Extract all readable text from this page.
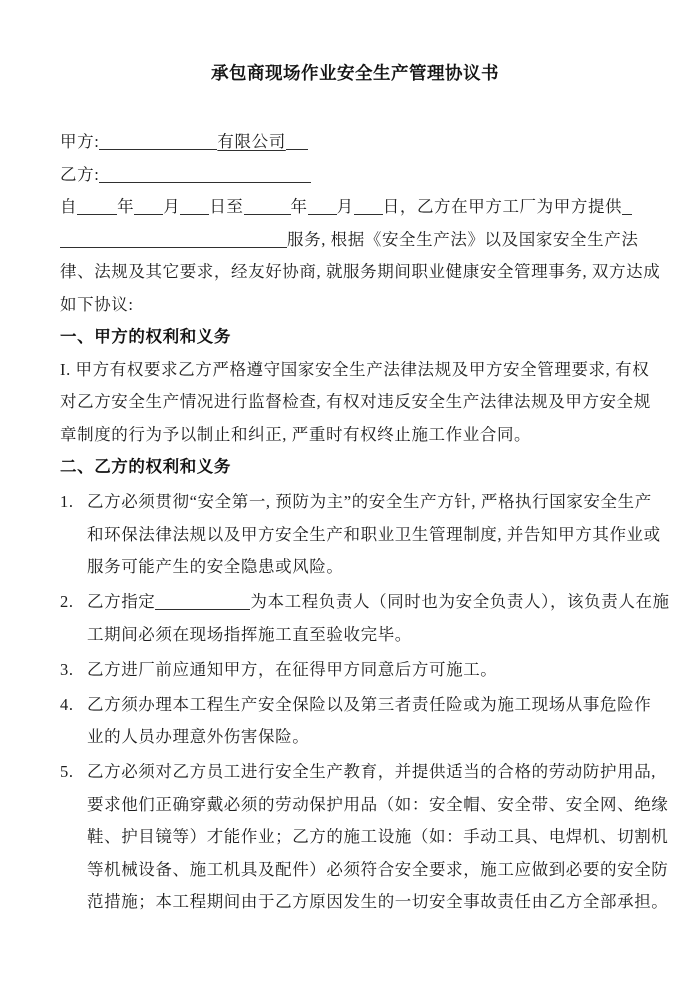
承包商现场作业安全生产管理协议书
甲方:	有限公司
乙方:
自 年 月 日至	年 月 日，乙方在甲方工厂为甲方提供
服务, 根据《安全生产法》以及国家安全生产法
律、法规及其它要求，经友好协商, 就服务期间职业健康安全管理事务, 双方达成
如下协议:
一、甲方的权利和义务
I. 甲方有权要求乙方严格遵守国家安全生产法律法规及甲方安全管理要求, 有权
对乙方安全生产情况进行监督检查, 有权对违反安全生产法律法规及甲方安全规
章制度的行为予以制止和纠正, 严重时有权终止施工作业合同。
二、乙方的权利和义务
1. 乙方必须贯彻“安全第一, 预防为主”的安全生产方针, 严格执行国家安全生产
和环保法律法规以及甲方安全生产和职业卫生管理制度, 并告知甲方其作业或
服务可能产生的安全隐患或风险。
2. 乙方指定	为本工程负责人（同时也为安全负责人），该负责人在施
工期间必须在现场指挥施工直至验收完毕。
3. 乙方进厂前应通知甲方，在征得甲方同意后方可施工。
4. 乙方须办理本工程生产安全保险以及第三者责任险或为施工现场从事危险作
业的人员办理意外伤害保险。
5. 乙方必须对乙方员工进行安全生产教育，并提供适当的合格的劳动防护用品,
要求他们正确穿戴必须的劳动保护用品（如：安全帽、安全带、安全网、绝缘
鞋、护目镜等）才能作业；乙方的施工设施（如：手动工具、电焊机、切割机
等机械设备、施工机具及配件）必须符合安全要求，施工应做到必要的安全防
范措施；本工程期间由于乙方原因发生的一切安全事故责任由乙方全部承担。
